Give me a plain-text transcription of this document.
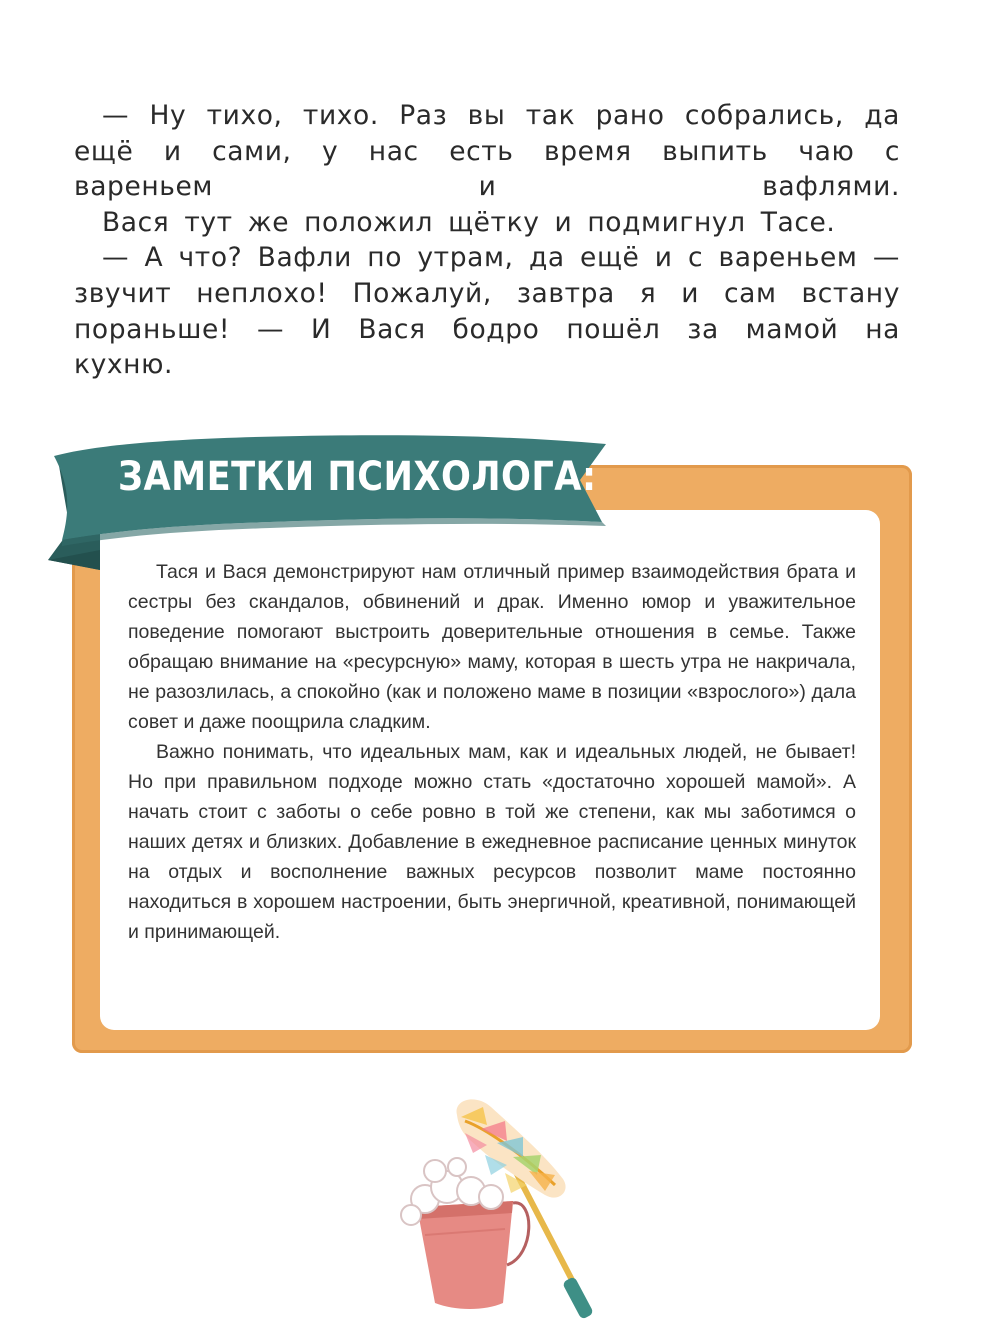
— Ну тихо, тихо. Раз вы так рано собрались, да ещё и сами, у нас есть время выпить чаю с вареньем и вафлями.

Вася тут же положил щётку и подмигнул Тасе.

— А что? Вафли по утрам, да ещё и с вареньем — звучит неплохо! Пожалуй, завтра я и сам встану пораньше! — И Вася бодро пошёл за мамой на кухню.

ЗАМЕТКИ ПСИХОЛОГА:

Тася и Вася демонстрируют нам отличный пример взаимодействия брата и сестры без скандалов, обвинений и драк. Именно юмор и уважительное поведение помогают выстроить доверительные отношения в семье. Также обращаю внимание на «ресурсную» маму, которая в шесть утра не накричала, не разозлилась, а спокойно (как и положено маме в позиции «взрослого») дала совет и даже поощрила сладким.

Важно понимать, что идеальных мам, как и идеальных людей, не бывает! Но при правильном подходе можно стать «достаточно хорошей мамой». А начать стоит с заботы о себе ровно в той же степени, как мы заботимся о наших детях и близких. Добавление в ежедневное расписание ценных минуток на отдых и восполнение важных ресурсов позволит маме постоянно находиться в хорошем настроении, быть энергичной, креативной, понимающей и принимающей.
